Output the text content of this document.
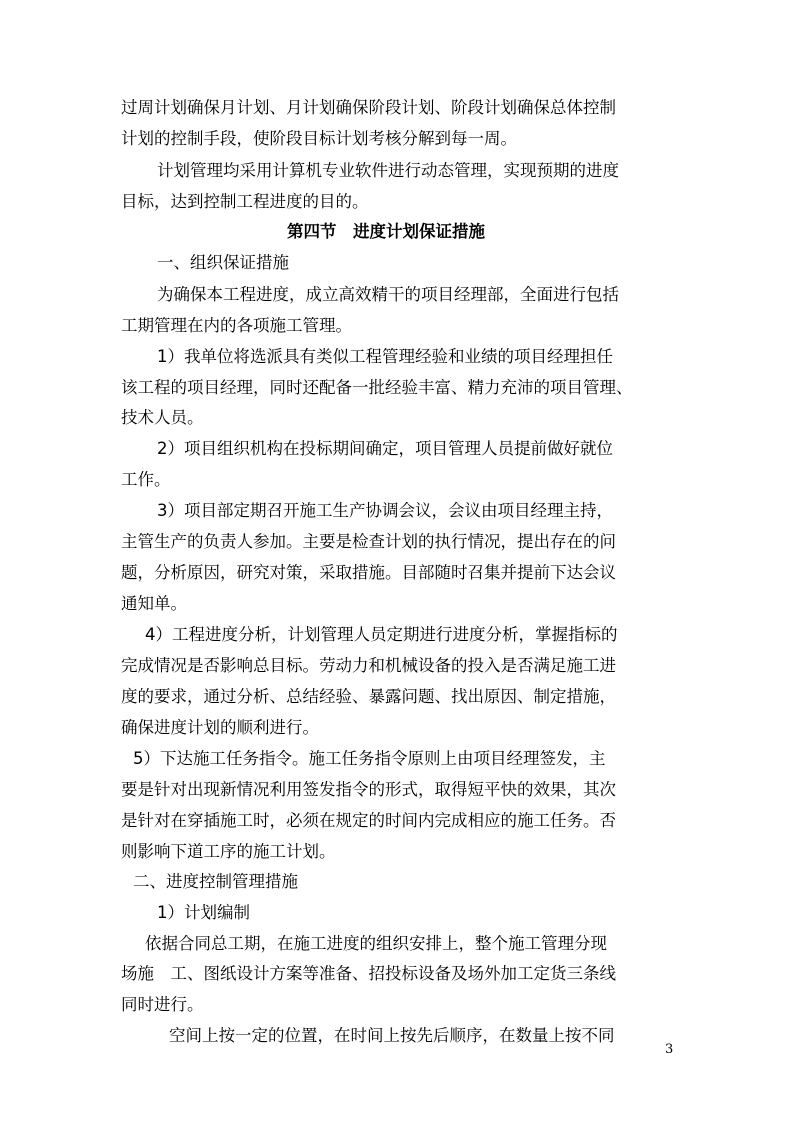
过周计划确保月计划、月计划确保阶段计划、阶段计划确保总体控制
计划的控制手段，使阶段目标计划考核分解到每一周。
计划管理均采用计算机专业软件进行动态管理，实现预期的进度
目标，达到控制工程进度的目的。
第四节　进度计划保证措施
一、组织保证措施
为确保本工程进度，成立高效精干的项目经理部，全面进行包括
工期管理在内的各项施工管理。
1）我单位将选派具有类似工程管理经验和业绩的项目经理担任
该工程的项目经理，同时还配备一批经验丰富、精力充沛的项目管理、
技术人员。
2）项目组织机构在投标期间确定，项目管理人员提前做好就位
工作。
3）项目部定期召开施工生产协调会议，会议由项目经理主持，
主管生产的负责人参加。主要是检查计划的执行情况，提出存在的问
题，分析原因，研究对策，采取措施。目部随时召集并提前下达会议
通知单。
4）工程进度分析，计划管理人员定期进行进度分析，掌握指标的
完成情况是否影响总目标。劳动力和机械设备的投入是否满足施工进
度的要求，通过分析、总结经验、暴露问题、找出原因、制定措施，
确保进度计划的顺利进行。
5）下达施工任务指令。施工任务指令原则上由项目经理签发，主
要是针对出现新情况利用签发指令的形式，取得短平快的效果，其次
是针对在穿插施工时，必须在规定的时间内完成相应的施工任务。否
则影响下道工序的施工计划。
二、进度控制管理措施
1）计划编制
依据合同总工期，在施工进度的组织安排上，整个施工管理分现
场施　工、图纸设计方案等准备、招投标设备及场外加工定货三条线
同时进行。
空间上按一定的位置，在时间上按先后顺序，在数量上按不同
3
